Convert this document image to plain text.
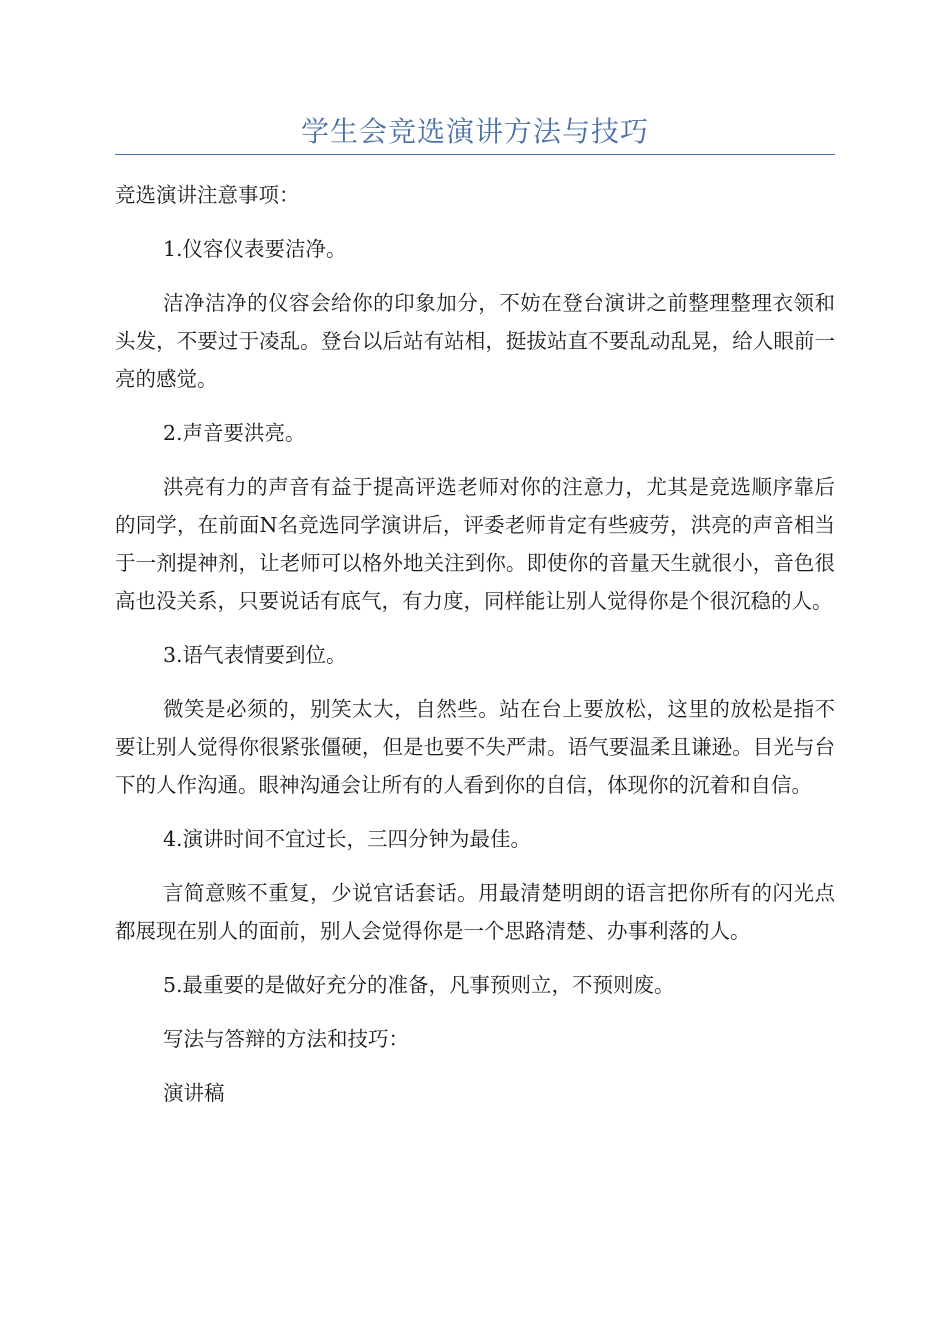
学生会竞选演讲方法与技巧

竞选演讲注意事项：

1.仪容仪表要洁净。

洁净洁净的仪容会给你的印象加分，不妨在登台演讲之前整理整理衣领和头发，不要过于凌乱。登台以后站有站相，挺拔站直不要乱动乱晃，给人眼前一亮的感觉。

2.声音要洪亮。

洪亮有力的声音有益于提高评选老师对你的注意力，尤其是竞选顺序靠后的同学，在前面N名竞选同学演讲后，评委老师肯定有些疲劳，洪亮的声音相当于一剂提神剂，让老师可以格外地关注到你。即使你的音量天生就很小，音色很高也没关系，只要说话有底气，有力度，同样能让别人觉得你是个很沉稳的人。

3.语气表情要到位。

微笑是必须的，别笑太大，自然些。站在台上要放松，这里的放松是指不要让别人觉得你很紧张僵硬，但是也要不失严肃。语气要温柔且谦逊。目光与台下的人作沟通。眼神沟通会让所有的人看到你的自信，体现你的沉着和自信。

4.演讲时间不宜过长，三四分钟为最佳。

言简意赅不重复，少说官话套话。用最清楚明朗的语言把你所有的闪光点都展现在别人的面前，别人会觉得你是一个思路清楚、办事利落的人。

5.最重要的是做好充分的准备，凡事预则立，不预则废。

写法与答辩的方法和技巧：

演讲稿
